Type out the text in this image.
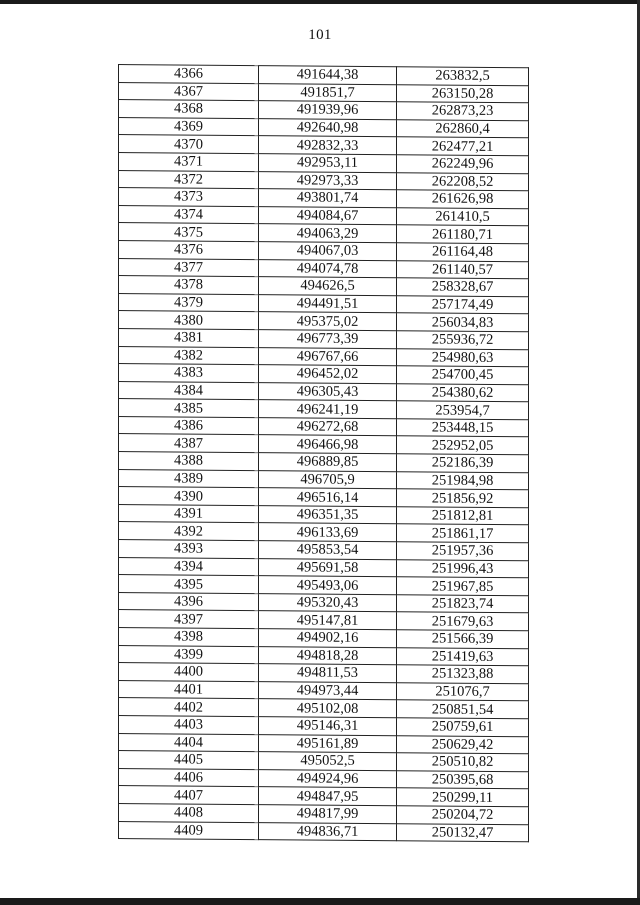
101
4366	491644,38	263832,5
4367	491851,7	263150,28
4368	491939,96	262873,23
4369	492640,98	262860,4
4370	492832,33	262477,21
4371	492953,11	262249,96
4372	492973,33	262208,52
4373	493801,74	261626,98
4374	494084,67	261410,5
4375	494063,29	261180,71
4376	494067,03	261164,48
4377	494074,78	261140,57
4378	494626,5	258328,67
4379	494491,51	257174,49
4380	495375,02	256034,83
4381	496773,39	255936,72
4382	496767,66	254980,63
4383	496452,02	254700,45
4384	496305,43	254380,62
4385	496241,19	253954,7
4386	496272,68	253448,15
4387	496466,98	252952,05
4388	496889,85	252186,39
4389	496705,9	251984,98
4390	496516,14	251856,92
4391	496351,35	251812,81
4392	496133,69	251861,17
4393	495853,54	251957,36
4394	495691,58	251996,43
4395	495493,06	251967,85
4396	495320,43	251823,74
4397	495147,81	251679,63
4398	494902,16	251566,39
4399	494818,28	251419,63
4400	494811,53	251323,88
4401	494973,44	251076,7
4402	495102,08	250851,54
4403	495146,31	250759,61
4404	495161,89	250629,42
4405	495052,5	250510,82
4406	494924,96	250395,68
4407	494847,95	250299,11
4408	494817,99	250204,72
4409	494836,71	250132,47
